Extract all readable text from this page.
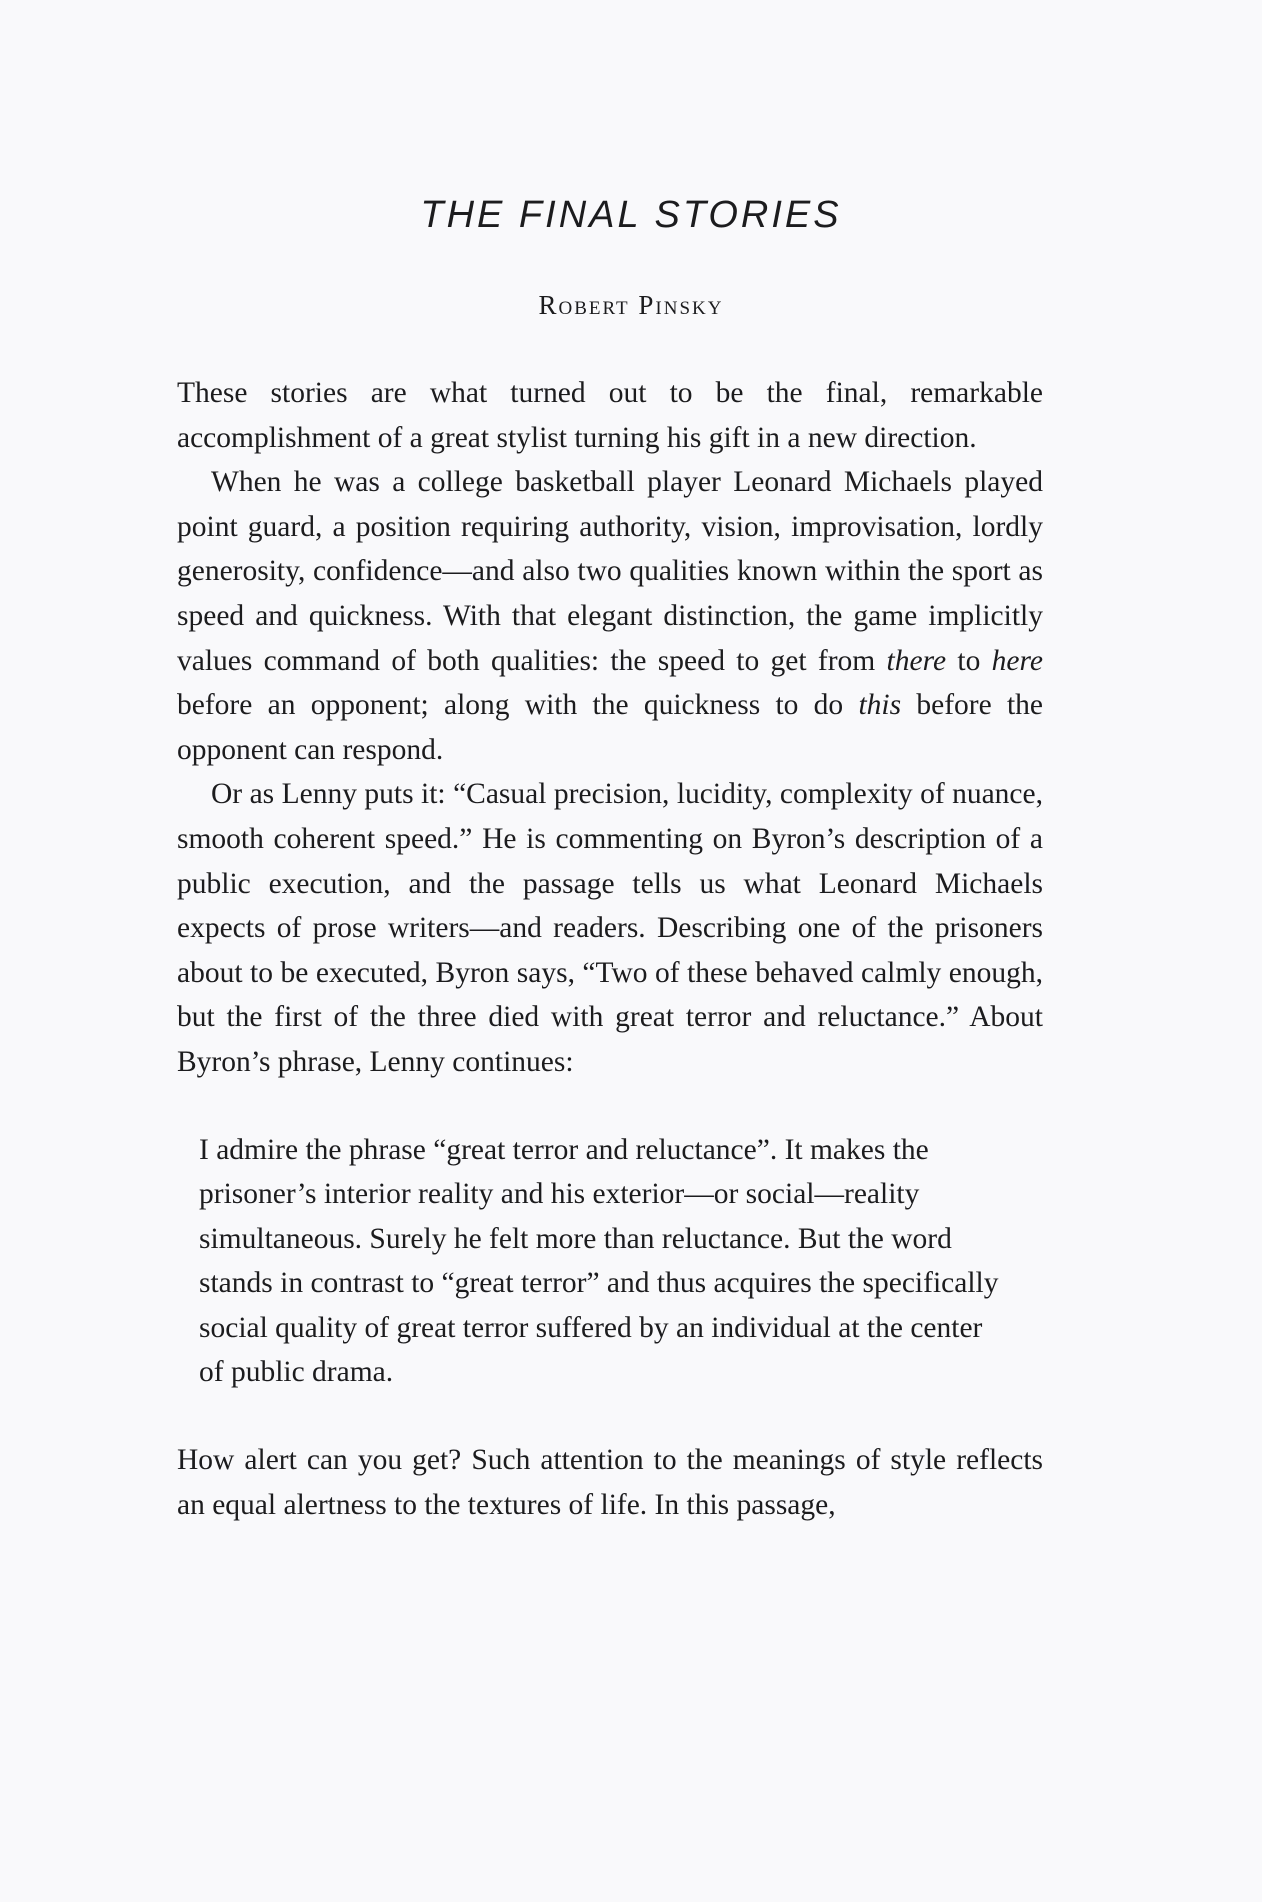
THE FINAL STORIES
Robert Pinsky

These stories are what turned out to be the final, remarkable accomplishment of a great stylist turning his gift in a new direction.

When he was a college basketball player Leonard Michaels played point guard, a position requiring authority, vision, improvisation, lordly generosity, confidence—and also two qualities known within the sport as speed and quickness. With that elegant distinction, the game implicitly values command of both qualities: the speed to get from there to here before an opponent; along with the quickness to do this before the opponent can respond.

Or as Lenny puts it: “Casual precision, lucidity, complexity of nuance, smooth coherent speed.” He is commenting on Byron’s description of a public execution, and the passage tells us what Leonard Michaels expects of prose writers—and readers. Describing one of the prisoners about to be executed, Byron says, “Two of these behaved calmly enough, but the first of the three died with great terror and reluctance.” About Byron’s phrase, Lenny continues:

I admire the phrase “great terror and reluctance”. It makes the prisoner’s interior reality and his exterior—or social—reality simultaneous. Surely he felt more than reluctance. But the word stands in contrast to “great terror” and thus acquires the specifically social quality of great terror suffered by an individual at the center of public drama.

How alert can you get? Such attention to the meanings of style reflects an equal alertness to the textures of life. In this passage,
